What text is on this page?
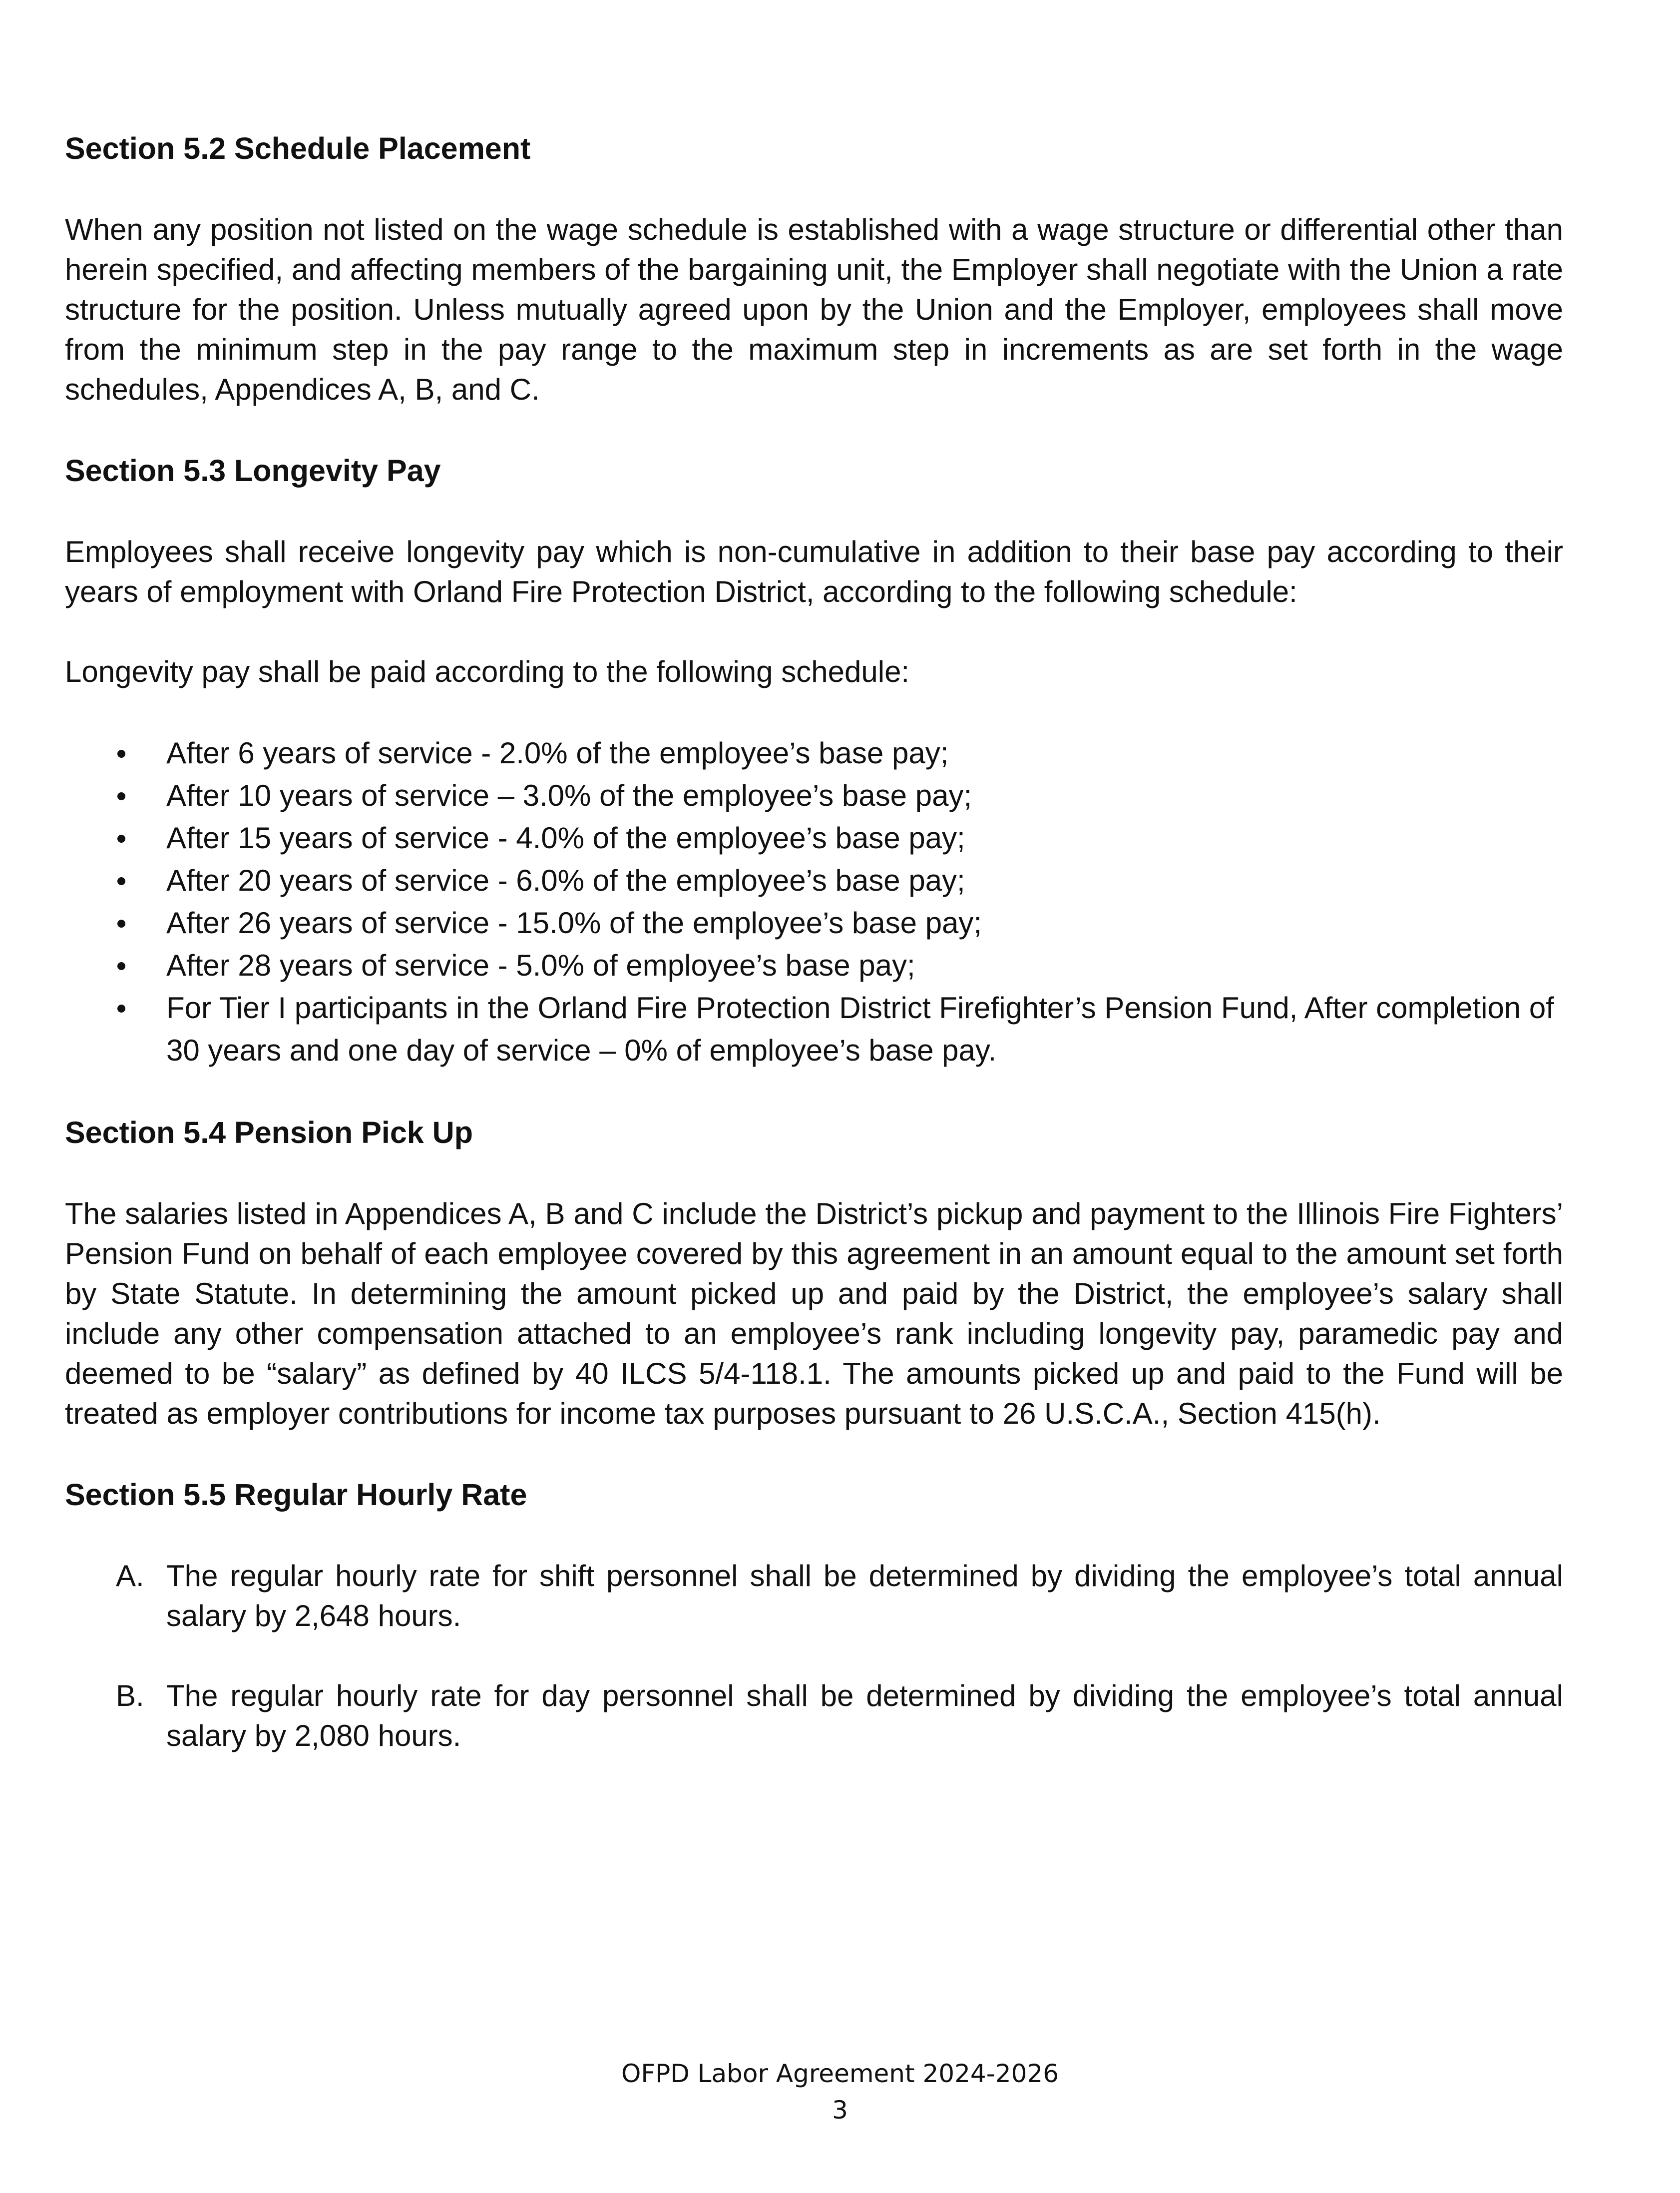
Section 5.2 Schedule Placement

When any position not listed on the wage schedule is established with a wage structure or differential other than herein specified, and affecting members of the bargaining unit, the Employer shall negotiate with the Union a rate structure for the position. Unless mutually agreed upon by the Union and the Employer, employees shall move from the minimum step in the pay range to the maximum step in increments as are set forth in the wage schedules, Appendices A, B, and C.

Section 5.3 Longevity Pay

Employees shall receive longevity pay which is non-cumulative in addition to their base pay according to their years of employment with Orland Fire Protection District, according to the following schedule:

Longevity pay shall be paid according to the following schedule:

After 6 years of service - 2.0% of the employee’s base pay;
After 10 years of service – 3.0% of the employee’s base pay;
After 15 years of service - 4.0% of the employee’s base pay;
After 20 years of service - 6.0% of the employee’s base pay;
After 26 years of service - 15.0% of the employee’s base pay;
After 28 years of service - 5.0% of employee’s base pay;
For Tier I participants in the Orland Fire Protection District Firefighter’s Pension Fund, After completion of 30 years and one day of service – 0% of employee’s base pay.
Section 5.4 Pension Pick Up

The salaries listed in Appendices A, B and C include the District’s pickup and payment to the Illinois Fire Fighters’ Pension Fund on behalf of each employee covered by this agreement in an amount equal to the amount set forth by State Statute. In determining the amount picked up and paid by the District, the employee’s salary shall include any other compensation attached to an employee’s rank including longevity pay, paramedic pay and deemed to be “salary” as defined by 40 ILCS 5/4-118.1. The amounts picked up and paid to the Fund will be treated as employer contributions for income tax purposes pursuant to 26 U.S.C.A., Section 415(h).

Section 5.5 Regular Hourly Rate
A. The regular hourly rate for shift personnel shall be determined by dividing the employee’s total annual salary by 2,648 hours.
B. The regular hourly rate for day personnel shall be determined by dividing the employee’s total annual salary by 2,080 hours.
OFPD Labor Agreement 2024-2026
3
